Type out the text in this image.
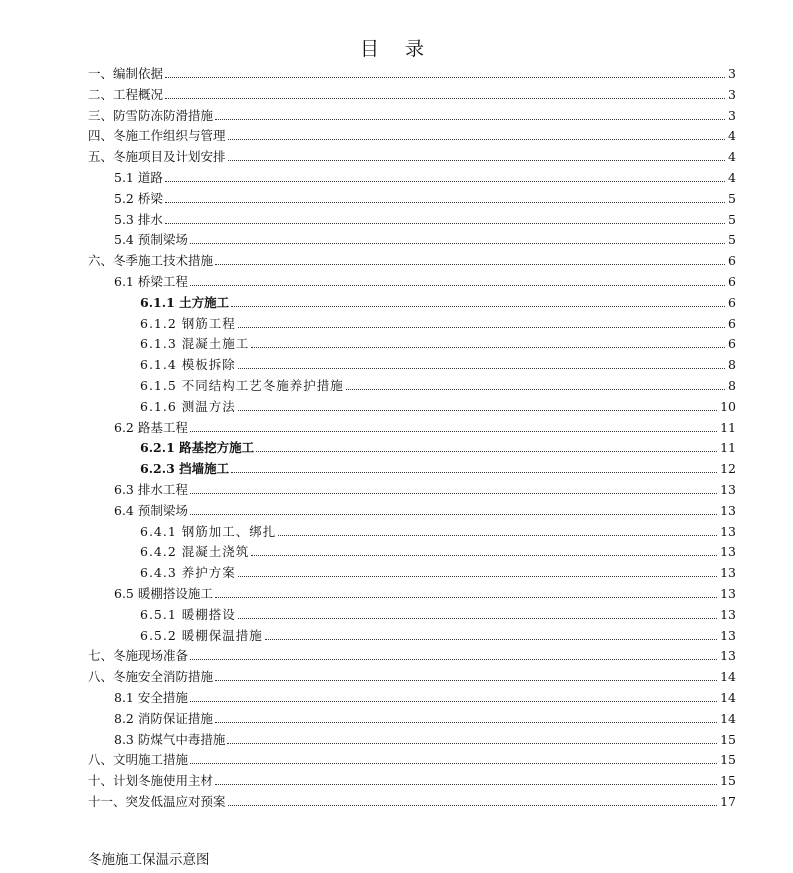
目 录
一、编制依据	3
二、工程概况	3
三、防雪防冻防滑措施	3
四、冬施工作组织与管理	4
五、冬施项目及计划安排	4
5.1 道路	4
5.2 桥梁	5
5.3 排水	5
5.4 预制梁场	5
六、冬季施工技术措施	6
6.1 桥梁工程	6
6.1.1 土方施工	6
6.1.2 钢筋工程	6
6.1.3 混凝土施工	6
6.1.4 模板拆除	8
6.1.5 不同结构工艺冬施养护措施	8
6.1.6 测温方法	10
6.2 路基工程	11
6.2.1 路基挖方施工	11
6.2.3 挡墙施工	12
6.3 排水工程	13
6.4 预制梁场	13
6.4.1 钢筋加工、绑扎	13
6.4.2 混凝土浇筑	13
6.4.3 养护方案	13
6.5 暖棚搭设施工	13
6.5.1 暖棚搭设	13
6.5.2 暖棚保温措施	13
七、冬施现场准备	13
八、冬施安全消防措施	14
8.1 安全措施	14
8.2 消防保证措施	14
8.3 防煤气中毒措施	15
八、文明施工措施	15
十、计划冬施使用主材	15
十一、突发低温应对预案	17
冬施施工保温示意图
